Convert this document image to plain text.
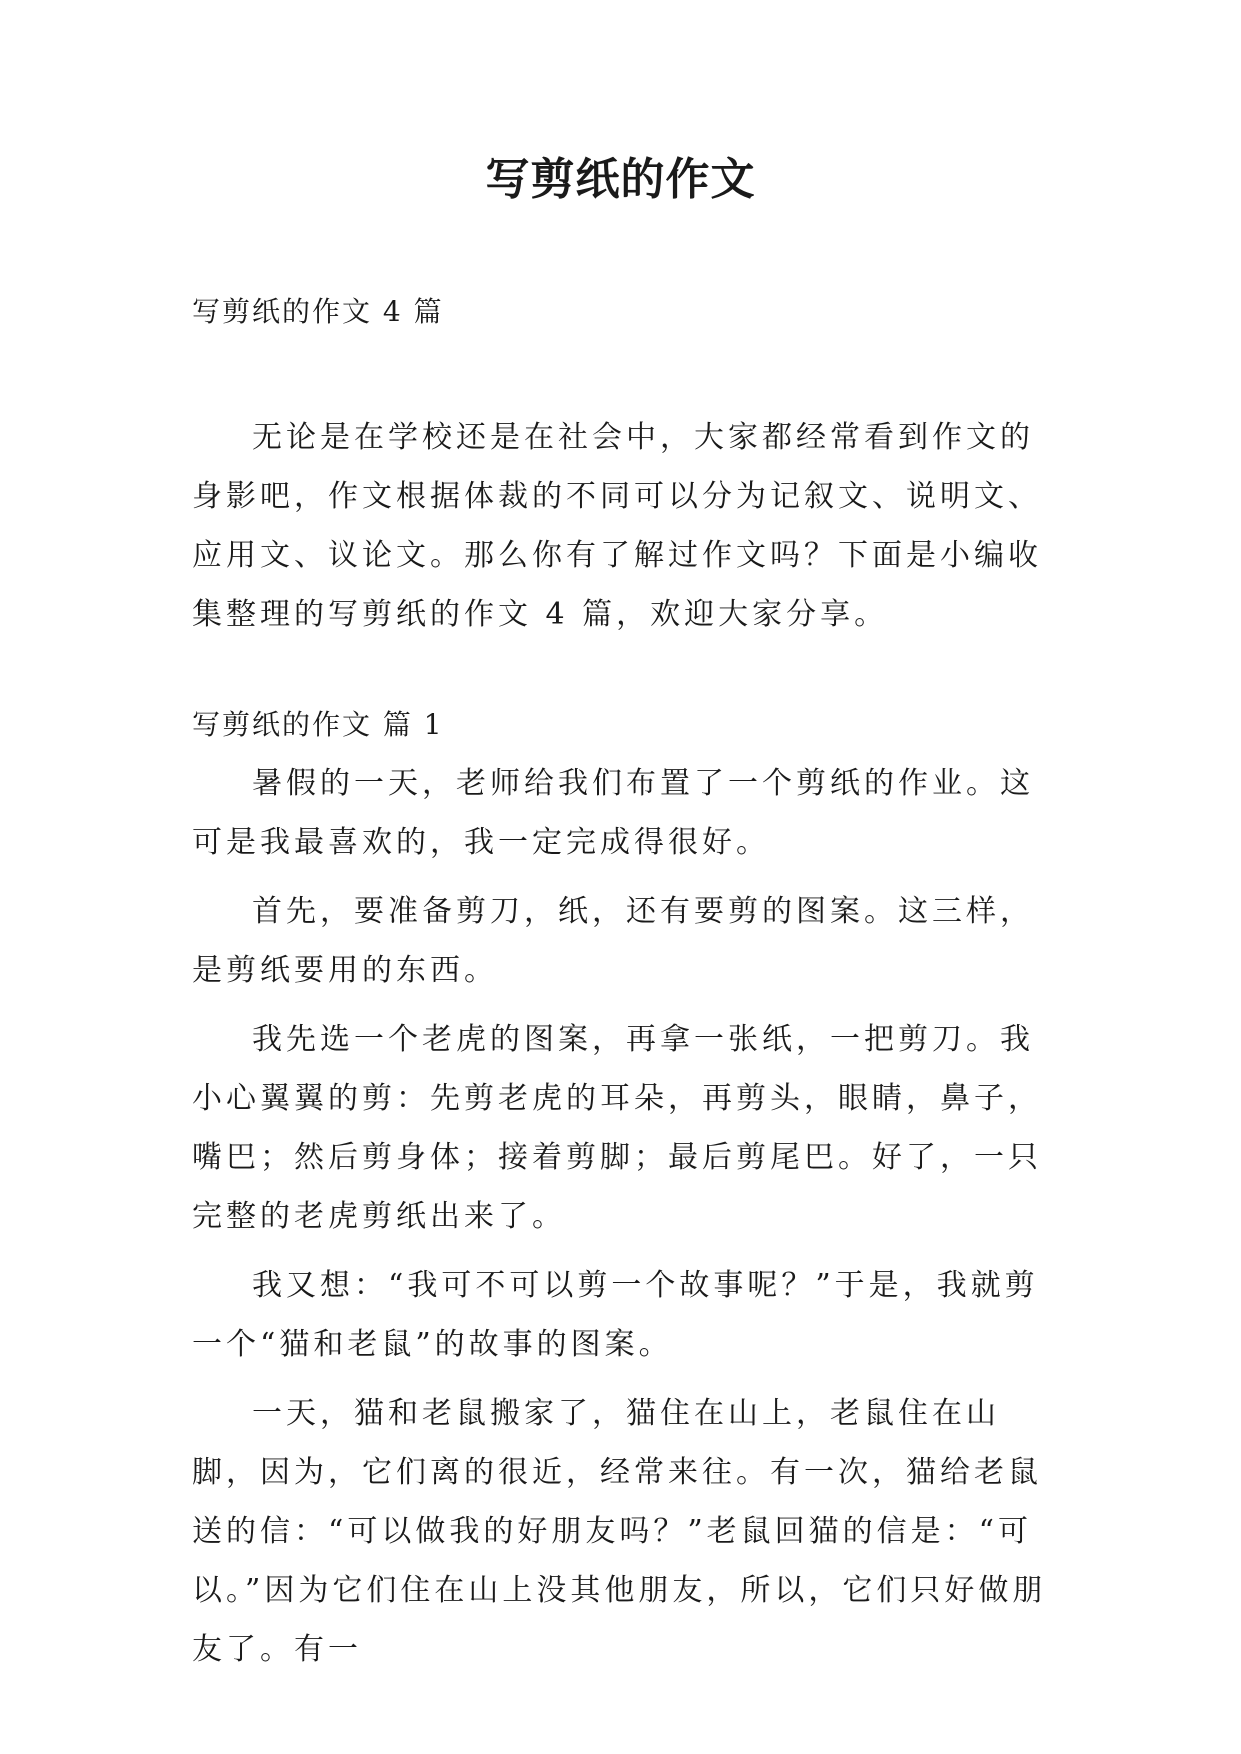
写剪纸的作文

写剪纸的作文 4 篇

无论是在学校还是在社会中，大家都经常看到作文的身影吧，作文根据体裁的不同可以分为记叙文、说明文、应用文、议论文。那么你有了解过作文吗？下面是小编收集整理的写剪纸的作文 4 篇，欢迎大家分享。

写剪纸的作文 篇 1

暑假的一天，老师给我们布置了一个剪纸的作业。这可是我最喜欢的，我一定完成得很好。

首先，要准备剪刀，纸，还有要剪的图案。这三样，是剪纸要用的东西。

我先选一个老虎的图案，再拿一张纸，一把剪刀。我小心翼翼的剪：先剪老虎的耳朵，再剪头，眼睛，鼻子，嘴巴；然后剪身体；接着剪脚；最后剪尾巴。好了，一只完整的老虎剪纸出来了。

我又想：“我可不可以剪一个故事呢？”于是，我就剪一个“猫和老鼠”的故事的图案。

一天，猫和老鼠搬家了，猫住在山上，老鼠住在山脚，因为，它们离的很近，经常来往。有一次，猫给老鼠送的信：“可以做我的好朋友吗？”老鼠回猫的信是：“可以。”因为它们住在山上没其他朋友，所以，它们只好做朋友了。有一
